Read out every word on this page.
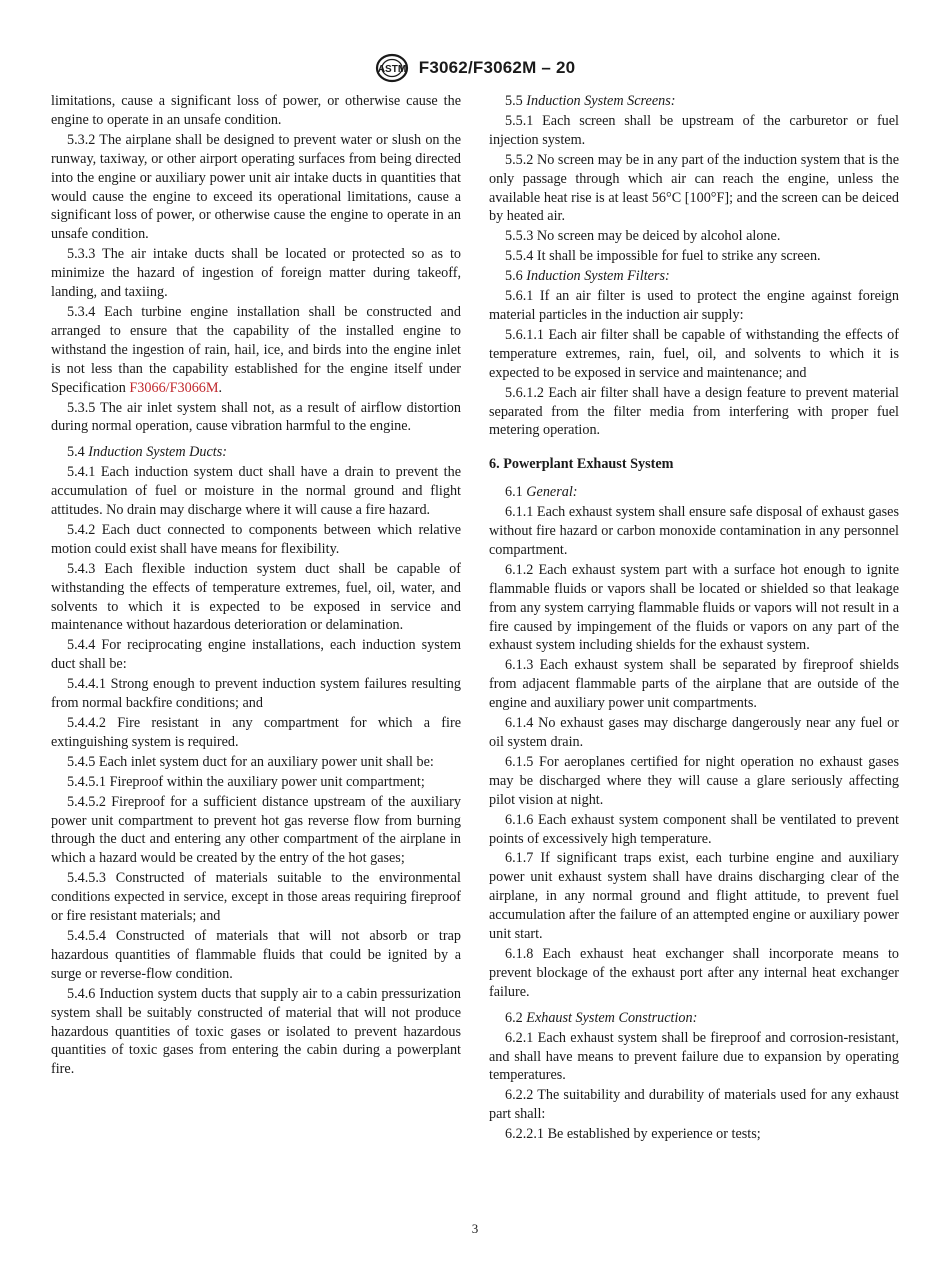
ASTM F3062/F3062M – 20

limitations, cause a significant loss of power, or otherwise cause the engine to operate in an unsafe condition.

5.3.2 The airplane shall be designed to prevent water or slush on the runway, taxiway, or other airport operating surfaces from being directed into the engine or auxiliary power unit air intake ducts in quantities that would cause the engine to exceed its operational limitations, cause a significant loss of power, or otherwise cause the engine to operate in an unsafe condition.

5.3.3 The air intake ducts shall be located or protected so as to minimize the hazard of ingestion of foreign matter during takeoff, landing, and taxiing.

5.3.4 Each turbine engine installation shall be constructed and arranged to ensure that the capability of the installed engine to withstand the ingestion of rain, hail, ice, and birds into the engine inlet is not less than the capability established for the engine itself under Specification F3066/F3066M.

5.3.5 The air inlet system shall not, as a result of airflow distortion during normal operation, cause vibration harmful to the engine.

5.4 Induction System Ducts:

5.4.1 Each induction system duct shall have a drain to prevent the accumulation of fuel or moisture in the normal ground and flight attitudes. No drain may discharge where it will cause a fire hazard.

5.4.2 Each duct connected to components between which relative motion could exist shall have means for flexibility.

5.4.3 Each flexible induction system duct shall be capable of withstanding the effects of temperature extremes, fuel, oil, water, and solvents to which it is expected to be exposed in service and maintenance without hazardous deterioration or delamination.

5.4.4 For reciprocating engine installations, each induction system duct shall be:

5.4.4.1 Strong enough to prevent induction system failures resulting from normal backfire conditions; and

5.4.4.2 Fire resistant in any compartment for which a fire extinguishing system is required.

5.4.5 Each inlet system duct for an auxiliary power unit shall be:

5.4.5.1 Fireproof within the auxiliary power unit compartment;

5.4.5.2 Fireproof for a sufficient distance upstream of the auxiliary power unit compartment to prevent hot gas reverse flow from burning through the duct and entering any other compartment of the airplane in which a hazard would be created by the entry of the hot gases;

5.4.5.3 Constructed of materials suitable to the environmental conditions expected in service, except in those areas requiring fireproof or fire resistant materials; and

5.4.5.4 Constructed of materials that will not absorb or trap hazardous quantities of flammable fluids that could be ignited by a surge or reverse-flow condition.

5.4.6 Induction system ducts that supply air to a cabin pressurization system shall be suitably constructed of material that will not produce hazardous quantities of toxic gases or isolated to prevent hazardous quantities of toxic gases from entering the cabin during a powerplant fire.

5.5 Induction System Screens:

5.5.1 Each screen shall be upstream of the carburetor or fuel injection system.

5.5.2 No screen may be in any part of the induction system that is the only passage through which air can reach the engine, unless the available heat rise is at least 56°C [100°F]; and the screen can be deiced by heated air.

5.5.3 No screen may be deiced by alcohol alone.

5.5.4 It shall be impossible for fuel to strike any screen.

5.6 Induction System Filters:

5.6.1 If an air filter is used to protect the engine against foreign material particles in the induction air supply:

5.6.1.1 Each air filter shall be capable of withstanding the effects of temperature extremes, rain, fuel, oil, and solvents to which it is expected to be exposed in service and maintenance; and

5.6.1.2 Each air filter shall have a design feature to prevent material separated from the filter media from interfering with proper fuel metering operation.

6. Powerplant Exhaust System

6.1 General:

6.1.1 Each exhaust system shall ensure safe disposal of exhaust gases without fire hazard or carbon monoxide contamination in any personnel compartment.

6.1.2 Each exhaust system part with a surface hot enough to ignite flammable fluids or vapors shall be located or shielded so that leakage from any system carrying flammable fluids or vapors will not result in a fire caused by impingement of the fluids or vapors on any part of the exhaust system including shields for the exhaust system.

6.1.3 Each exhaust system shall be separated by fireproof shields from adjacent flammable parts of the airplane that are outside of the engine and auxiliary power unit compartments.

6.1.4 No exhaust gases may discharge dangerously near any fuel or oil system drain.

6.1.5 For aeroplanes certified for night operation no exhaust gases may be discharged where they will cause a glare seriously affecting pilot vision at night.

6.1.6 Each exhaust system component shall be ventilated to prevent points of excessively high temperature.

6.1.7 If significant traps exist, each turbine engine and auxiliary power unit exhaust system shall have drains discharging clear of the airplane, in any normal ground and flight attitude, to prevent fuel accumulation after the failure of an attempted engine or auxiliary power unit start.

6.1.8 Each exhaust heat exchanger shall incorporate means to prevent blockage of the exhaust port after any internal heat exchanger failure.

6.2 Exhaust System Construction:

6.2.1 Each exhaust system shall be fireproof and corrosion-resistant, and shall have means to prevent failure due to expansion by operating temperatures.

6.2.2 The suitability and durability of materials used for any exhaust part shall:

6.2.2.1 Be established by experience or tests;

3
